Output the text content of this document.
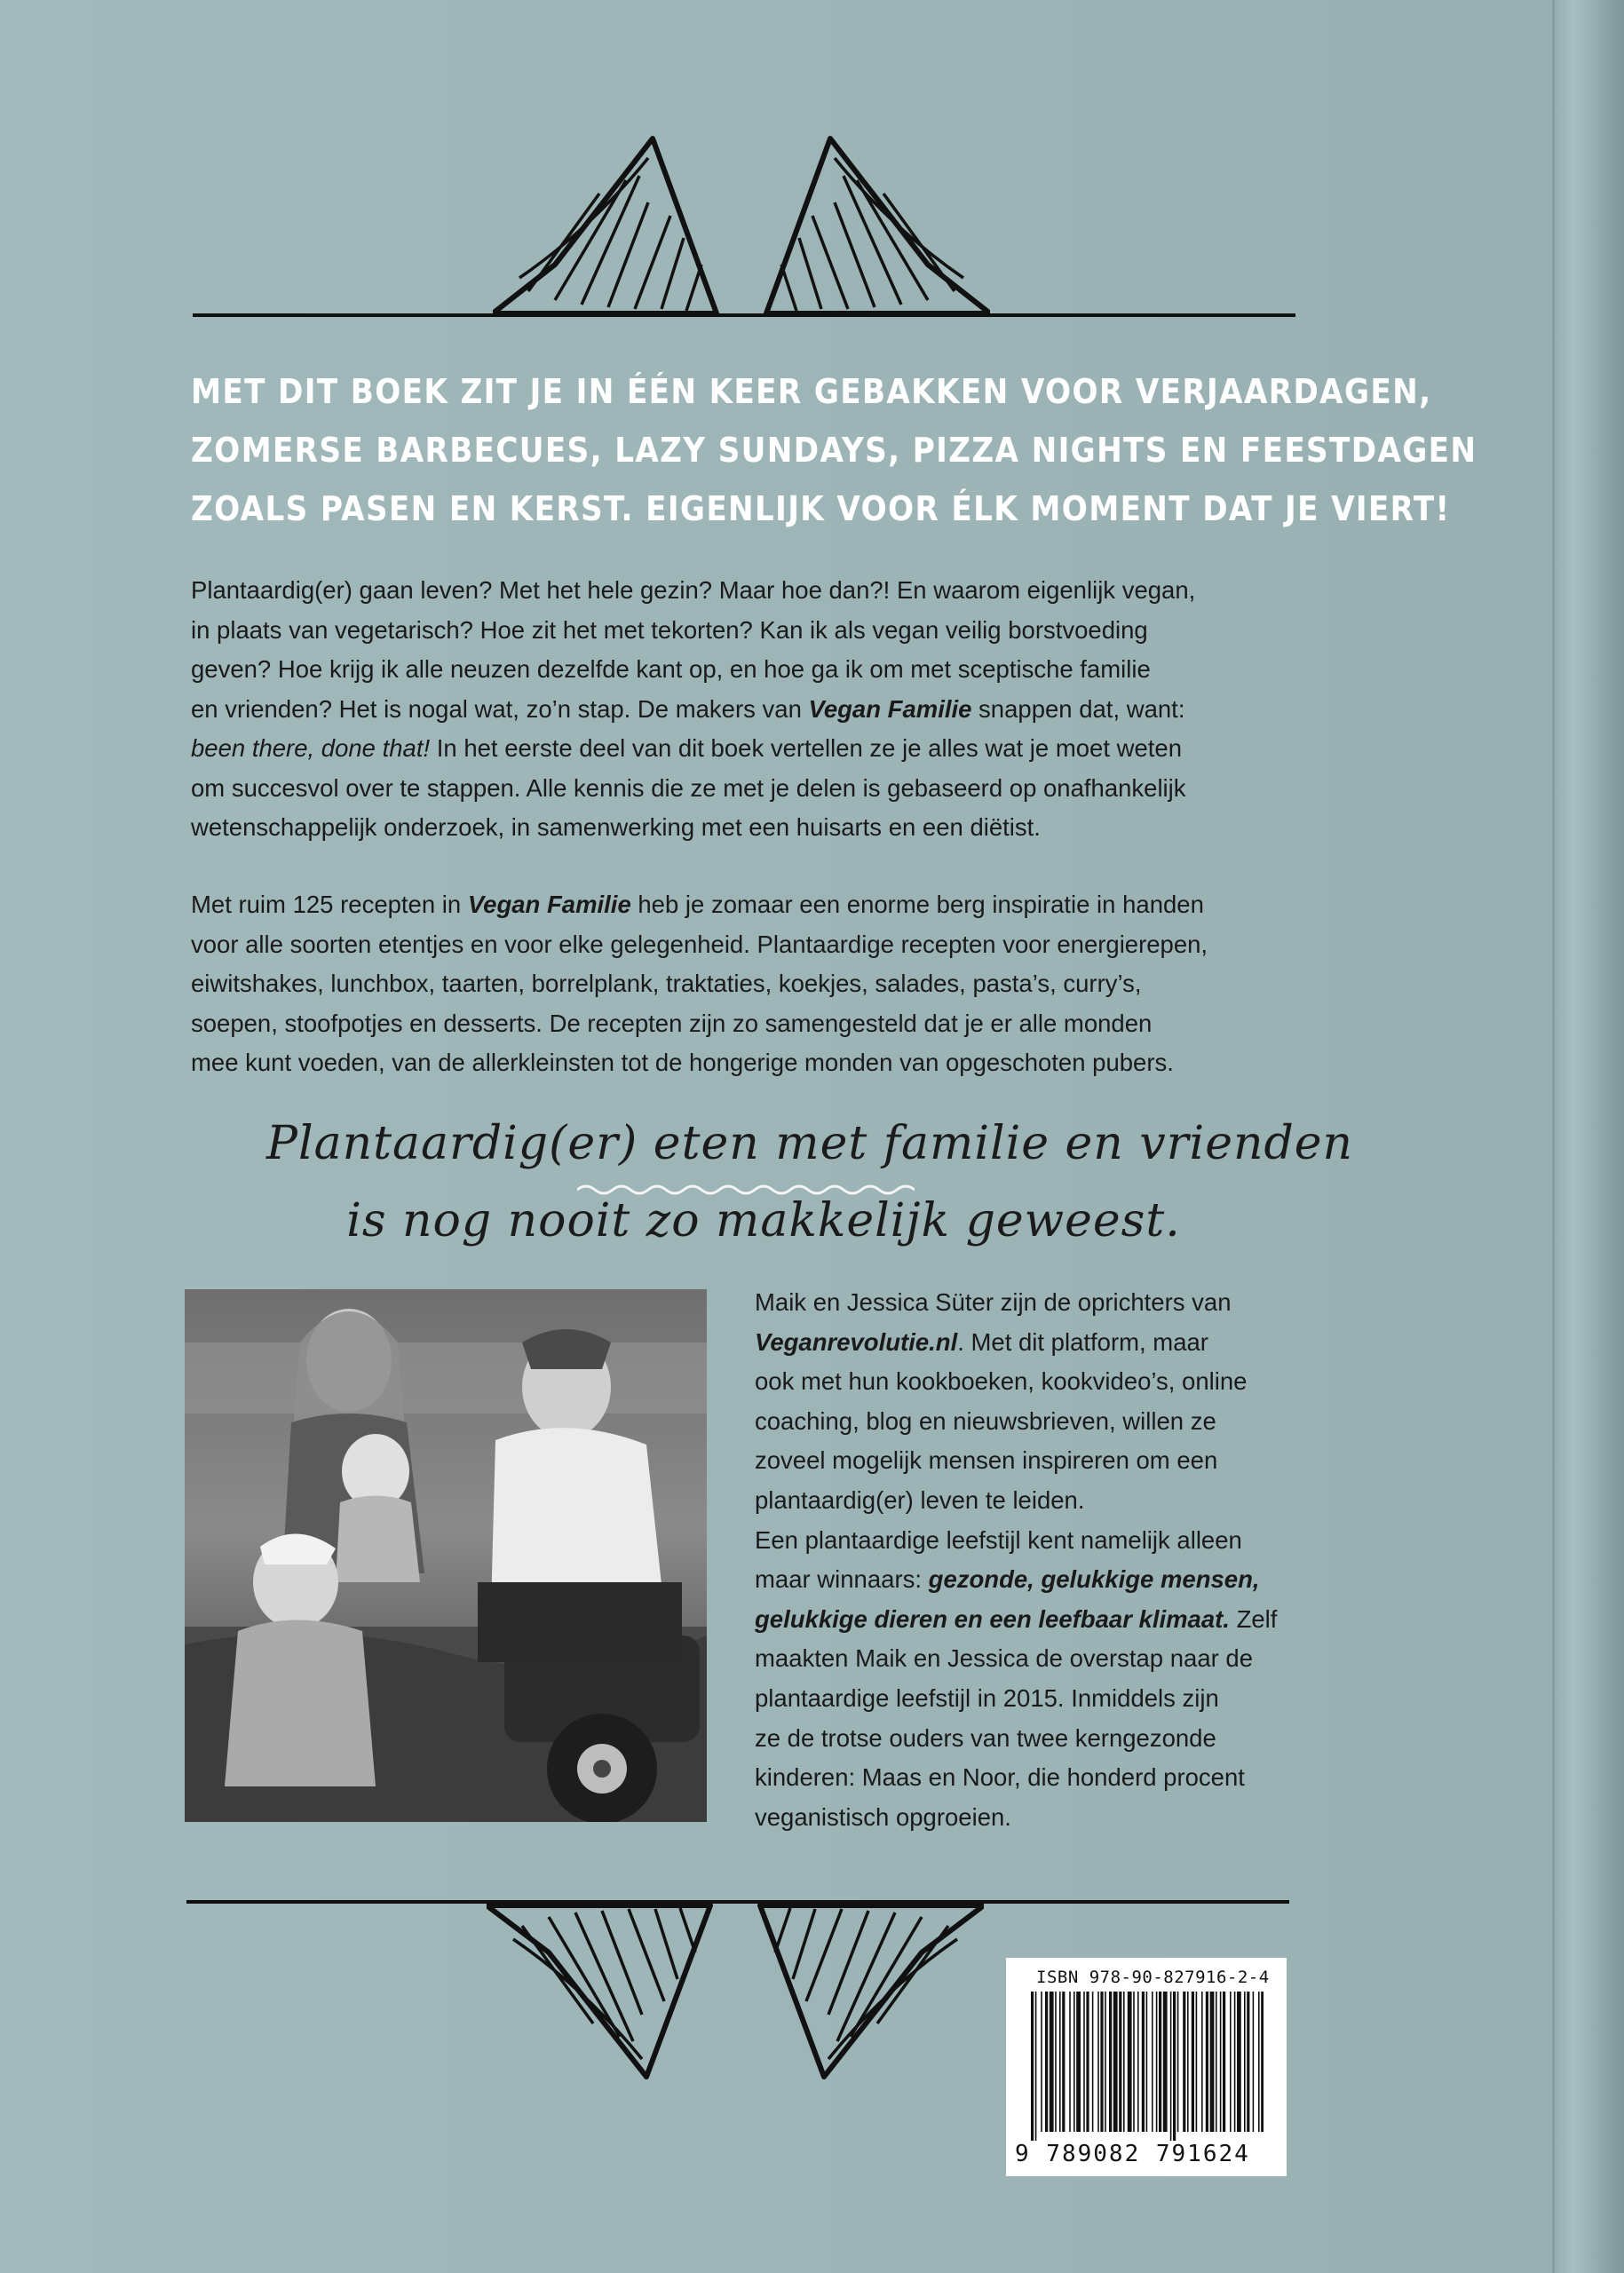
MET DIT BOEK ZIT JE IN ÉÉN KEER GEBAKKEN VOOR VERJAARDAGEN,
ZOMERSE BARBECUES, LAZY SUNDAYS, PIZZA NIGHTS EN FEESTDAGEN
ZOALS PASEN EN KERST. EIGENLIJK VOOR ÉLK MOMENT DAT JE VIERT!
Plantaardig(er) gaan leven? Met het hele gezin? Maar hoe dan?! En waarom eigenlijk vegan,
in plaats van vegetarisch? Hoe zit het met tekorten? Kan ik als vegan veilig borstvoeding
geven? Hoe krijg ik alle neuzen dezelfde kant op, en hoe ga ik om met sceptische familie
en vrienden? Het is nogal wat, zo’n stap. De makers van Vegan Familie snappen dat, want:
been there, done that! In het eerste deel van dit boek vertellen ze je alles wat je moet weten
om succesvol over te stappen. Alle kennis die ze met je delen is gebaseerd op onafhankelijk
wetenschappelijk onderzoek, in samenwerking met een huisarts en een diëtist.
Met ruim 125 recepten in Vegan Familie heb je zomaar een enorme berg inspiratie in handen
voor alle soorten etentjes en voor elke gelegenheid. Plantaardige recepten voor energierepen,
eiwitshakes, lunchbox, taarten, borrelplank, traktaties, koekjes, salades, pasta’s, curry’s,
soepen, stoofpotjes en desserts. De recepten zijn zo samengesteld dat je er alle monden
mee kunt voeden, van de allerkleinsten tot de hongerige monden van opgeschoten pubers.
Plantaardig(er) eten met familie en vrienden
is nog nooit zo makkelijk geweest.
Maik en Jessica Süter zijn de oprichters van
Veganrevolutie.nl. Met dit platform, maar
ook met hun kookboeken, kookvideo’s, online
coaching, blog en nieuwsbrieven, willen ze
zoveel mogelijk mensen inspireren om een
plantaardig(er) leven te leiden.
Een plantaardige leefstijl kent namelijk alleen
maar winnaars: gezonde, gelukkige mensen,
gelukkige dieren en een leefbaar klimaat. Zelf
maakten Maik en Jessica de overstap naar de
plantaardige leefstijl in 2015. Inmiddels zijn
ze de trotse ouders van twee kerngezonde
kinderen: Maas en Noor, die honderd procent
veganistisch opgroeien.
ISBN 978-90-827916-2-4
9 789082 791624
